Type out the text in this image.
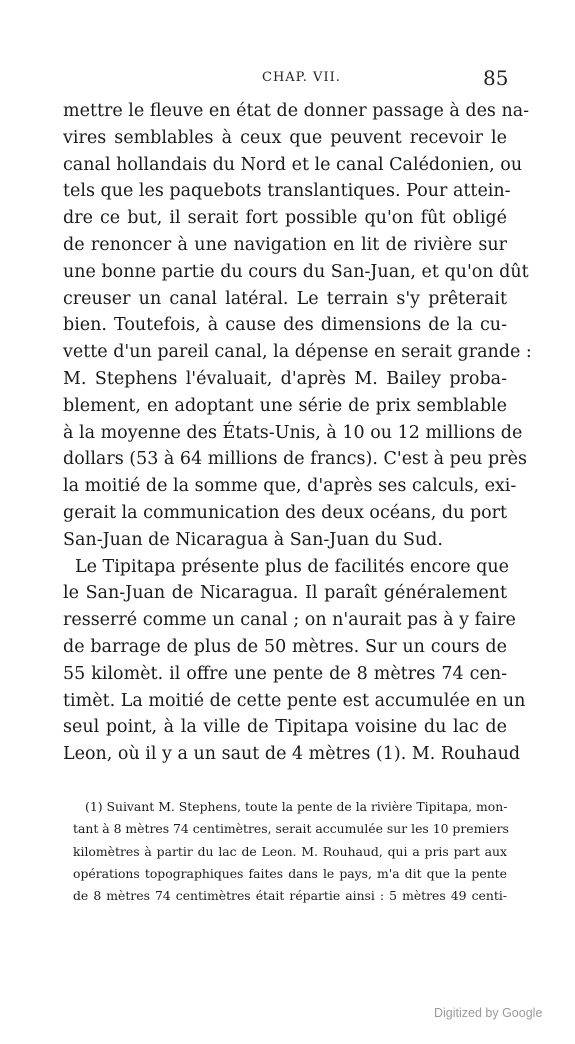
CHAP. VII.	85
mettre le fleuve en état de donner passage à des na-
vires semblables à ceux que peuvent recevoir le
canal hollandais du Nord et le canal Calédonien, ou
tels que les paquebots translantiques. Pour attein-
dre ce but, il serait fort possible qu'on fût obligé
de renoncer à une navigation en lit de rivière sur
une bonne partie du cours du San-Juan, et qu'on dût
creuser un canal latéral. Le terrain s'y prêterait
bien. Toutefois, à cause des dimensions de la cu-
vette d'un pareil canal, la dépense en serait grande :
M. Stephens l'évaluait, d'après M. Bailey proba-
blement, en adoptant une série de prix semblable
à la moyenne des États-Unis, à 10 ou 12 millions de
dollars (53 à 64 millions de francs). C'est à peu près
la moitié de la somme que, d'après ses calculs, exi-
gerait la communication des deux océans, du port
San-Juan de Nicaragua à San-Juan du Sud.
Le Tipitapa présente plus de facilités encore que
le San-Juan de Nicaragua. Il paraît généralement
resserré comme un canal ; on n'aurait pas à y faire
de barrage de plus de 50 mètres. Sur un cours de
55 kilomèt. il offre une pente de 8 mètres 74 cen-
timèt. La moitié de cette pente est accumulée en un
seul point, à la ville de Tipitapa voisine du lac de
Leon, où il y a un saut de 4 mètres (1). M. Rouhaud
(1) Suivant M. Stephens, toute la pente de la rivière Tipitapa, mon-
tant à 8 mètres 74 centimètres, serait accumulée sur les 10 premiers
kilomètres à partir du lac de Leon. M. Rouhaud, qui a pris part aux
opérations topographiques faites dans le pays, m'a dit que la pente
de 8 mètres 74 centimètres était répartie ainsi : 5 mètres 49 centi-
Digitized by Google
